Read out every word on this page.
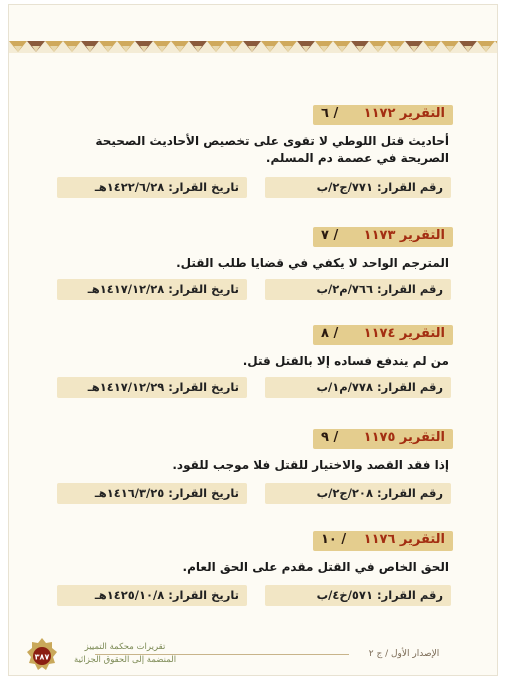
/ ٦ التقرير ١١٧٢
أحاديث قتل اللوطي لا تقوى على تخصيص الأحاديث الصحيحة الصريحة في عصمة دم المسلم.
رقم القرار: ٧٧١/ج٢/ب
تاريخ القرار: ١٤٢٢/٦/٢٨هـ
/ ٧ التقرير ١١٧٣
المترجم الواحد لا يكفي في قضايا طلب القتل.
رقم القرار: ٧٦٦/م٢/ب
تاريخ القرار: ١٤١٧/١٢/٢٨هـ
/ ٨ التقرير ١١٧٤
من لم يندفع فساده إلا بالقتل قتل.
رقم القرار: ٧٧٨/م١/ب
تاريخ القرار: ١٤١٧/١٢/٢٩هـ
/ ٩ التقرير ١١٧٥
إذا فقد القصد والاختيار للقتل فلا موجب للقود.
رقم القرار: ٢٠٨/ج٢/ب
تاريخ القرار: ١٤١٦/٣/٢٥هـ
/ ١٠ التقرير ١١٧٦
الحق الخاص في القتل مقدم على الحق العام.
رقم القرار: ٥٧١/خ٤/ب
تاريخ القرار: ١٤٢٥/١٠/٨هـ
الإصدار الأول / ج ٢
تقريرات محكمة التمييز
المنضمة إلى الحقوق الجزائية
٣٨٧
